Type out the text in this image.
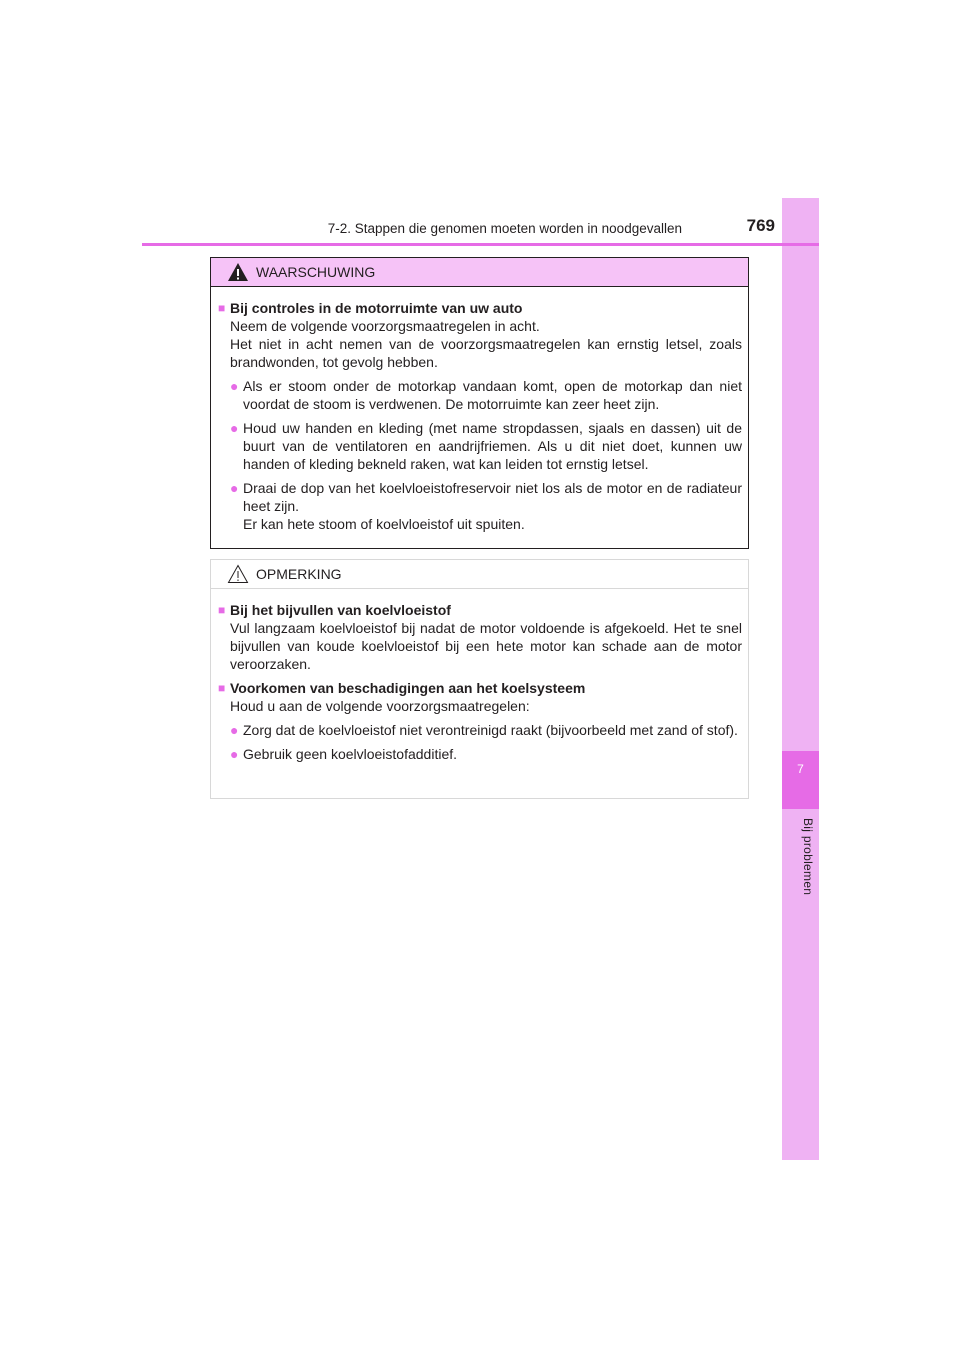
7
Bij problemen
7-2. Stappen die genomen moeten worden in noodgevallen	769
WAARSCHUWING
■ Bij controles in de motorruimte van uw auto
Neem de volgende voorzorgsmaatregelen in acht.
Het niet in acht nemen van de voorzorgsmaatregelen kan ernstig letsel, zoals brandwonden, tot gevolg hebben.
● Als er stoom onder de motorkap vandaan komt, open de motorkap dan niet voordat de stoom is verdwenen. De motorruimte kan zeer heet zijn.
● Houd uw handen en kleding (met name stropdassen, sjaals en dassen) uit de buurt van de ventilatoren en aandrijfriemen. Als u dit niet doet, kunnen uw handen of kleding bekneld raken, wat kan leiden tot ernstig letsel.
● Draai de dop van het koelvloeistofreservoir niet los als de motor en de radiateur heet zijn.
Er kan hete stoom of koelvloeistof uit spuiten.
OPMERKING
■ Bij het bijvullen van koelvloeistof
Vul langzaam koelvloeistof bij nadat de motor voldoende is afgekoeld. Het te snel bijvullen van koude koelvloeistof bij een hete motor kan schade aan de motor veroorzaken.
■ Voorkomen van beschadigingen aan het koelsysteem
Houd u aan de volgende voorzorgsmaatregelen:
● Zorg dat de koelvloeistof niet verontreinigd raakt (bijvoorbeeld met zand of stof).
● Gebruik geen koelvloeistofadditief.
